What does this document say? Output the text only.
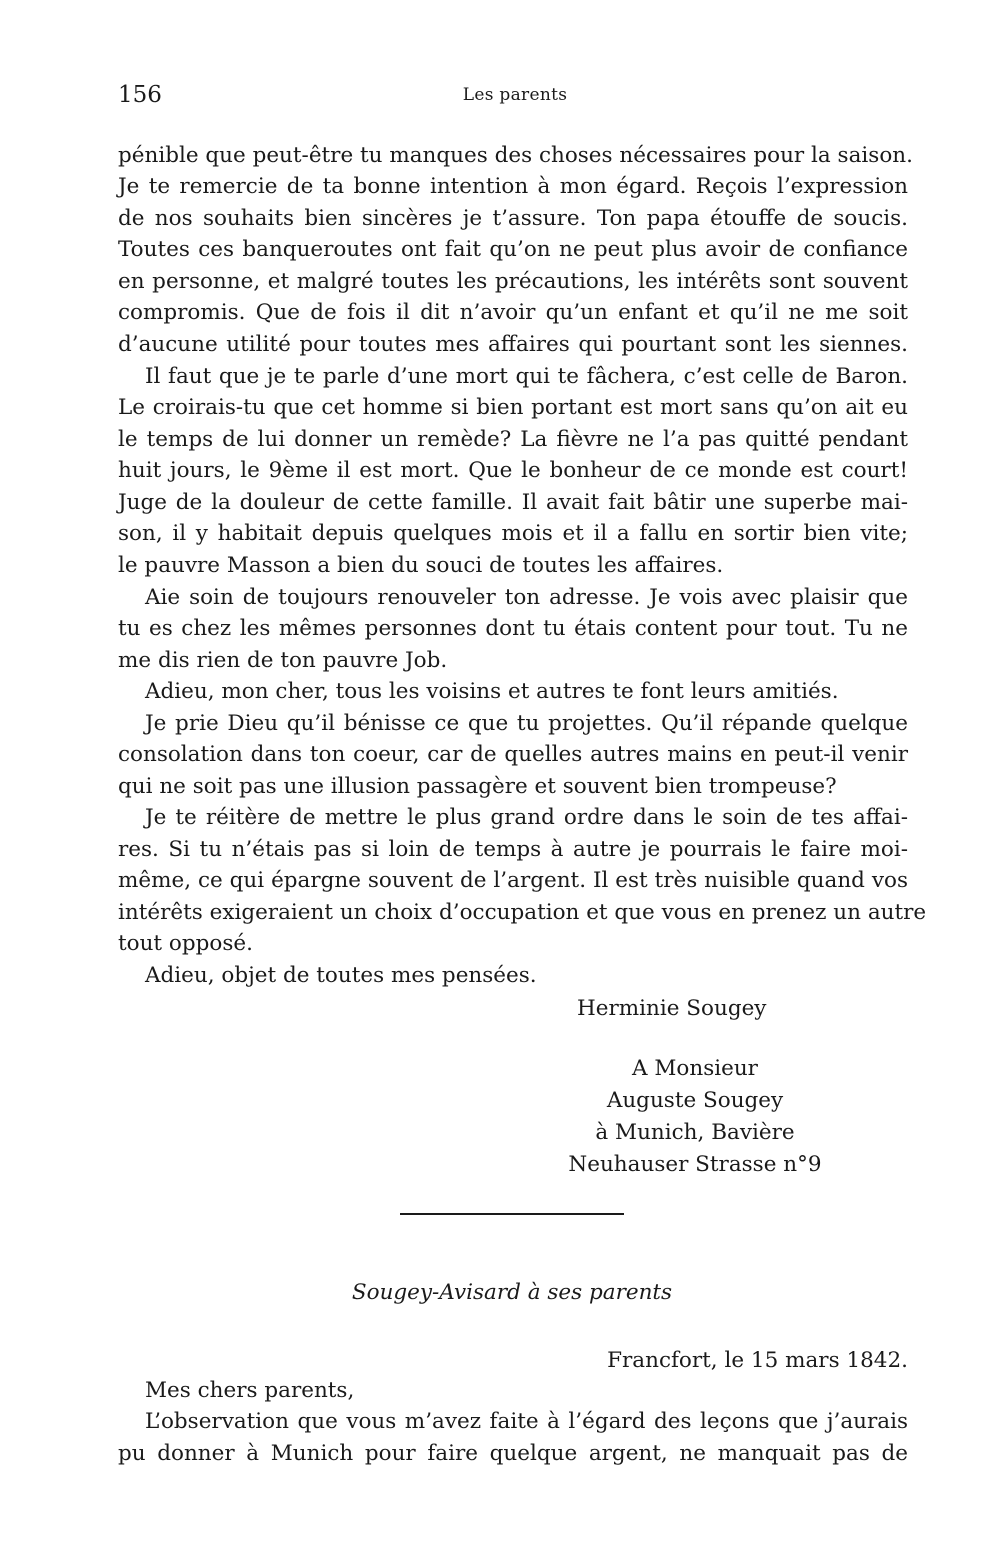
156	Les parents
pénible que peut-être tu manques des choses nécessaires pour la saison.
Je te remercie de ta bonne intention à mon égard. Reçois l’expression
de nos souhaits bien sincères je t’assure. Ton papa étouffe de soucis.
Toutes ces banqueroutes ont fait qu’on ne peut plus avoir de confiance
en personne, et malgré toutes les précautions, les intérêts sont souvent
compromis. Que de fois il dit n’avoir qu’un enfant et qu’il ne me soit
d’aucune utilité pour toutes mes affaires qui pourtant sont les siennes.
Il faut que je te parle d’une mort qui te fâchera, c’est celle de Baron.
Le croirais-tu que cet homme si bien portant est mort sans qu’on ait eu
le temps de lui donner un remède? La fièvre ne l’a pas quitté pendant
huit jours, le 9ème il est mort. Que le bonheur de ce monde est court!
Juge de la douleur de cette famille. Il avait fait bâtir une superbe mai-
son, il y habitait depuis quelques mois et il a fallu en sortir bien vite;
le pauvre Masson a bien du souci de toutes les affaires.
Aie soin de toujours renouveler ton adresse. Je vois avec plaisir que
tu es chez les mêmes personnes dont tu étais content pour tout. Tu ne
me dis rien de ton pauvre Job.
Adieu, mon cher, tous les voisins et autres te font leurs amitiés.
Je prie Dieu qu’il bénisse ce que tu projettes. Qu’il répande quelque
consolation dans ton coeur, car de quelles autres mains en peut-il venir
qui ne soit pas une illusion passagère et souvent bien trompeuse?
Je te réitère de mettre le plus grand ordre dans le soin de tes affai-
res. Si tu n’étais pas si loin de temps à autre je pourrais le faire moi-
même, ce qui épargne souvent de l’argent. Il est très nuisible quand vos
intérêts exigeraient un choix d’occupation et que vous en prenez un autre
tout opposé.
Adieu, objet de toutes mes pensées.
Herminie Sougey
A Monsieur
Auguste Sougey
à Munich, Bavière
Neuhauser Strasse n°9
Sougey-Avisard à ses parents
Francfort, le 15 mars 1842.
Mes chers parents,
L’observation que vous m’avez faite à l’égard des leçons que j’aurais
pu donner à Munich pour faire quelque argent, ne manquait pas de
